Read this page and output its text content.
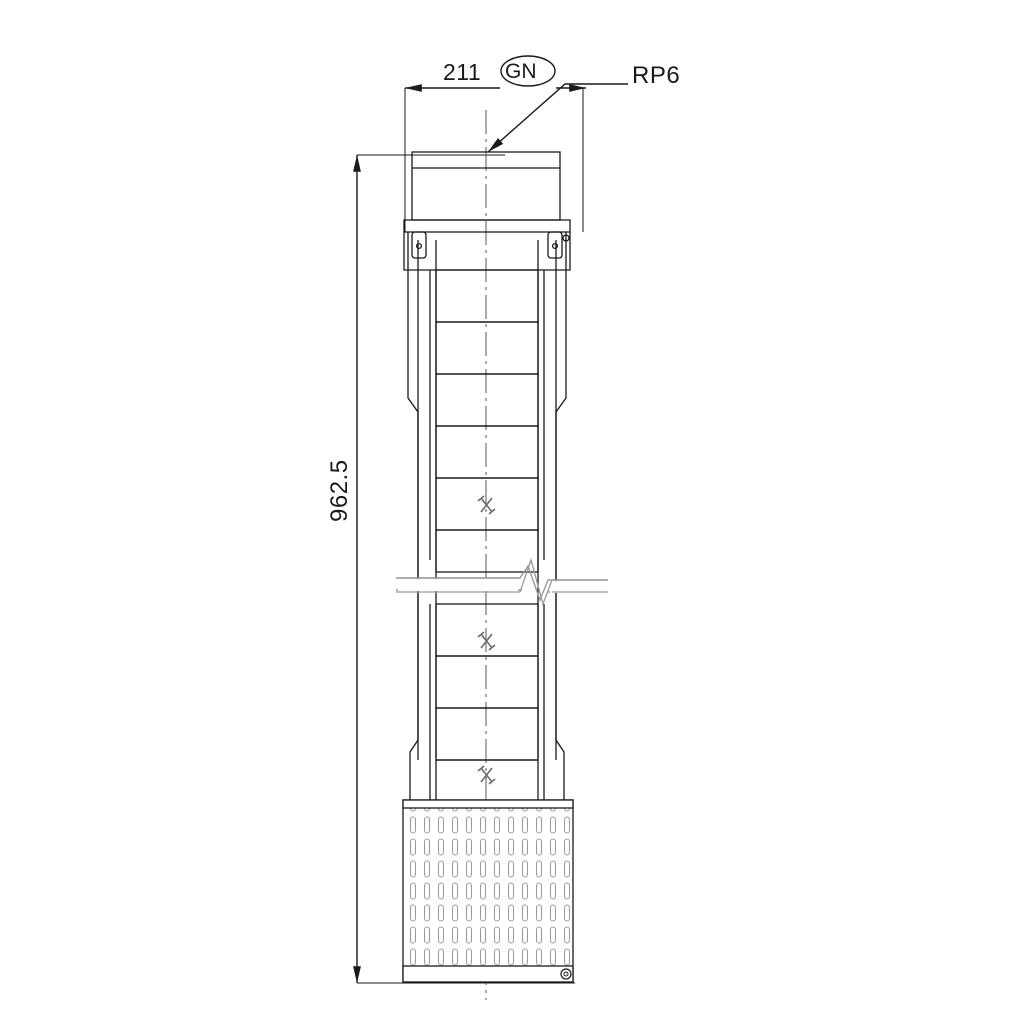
211 GN	RP6
962.5
